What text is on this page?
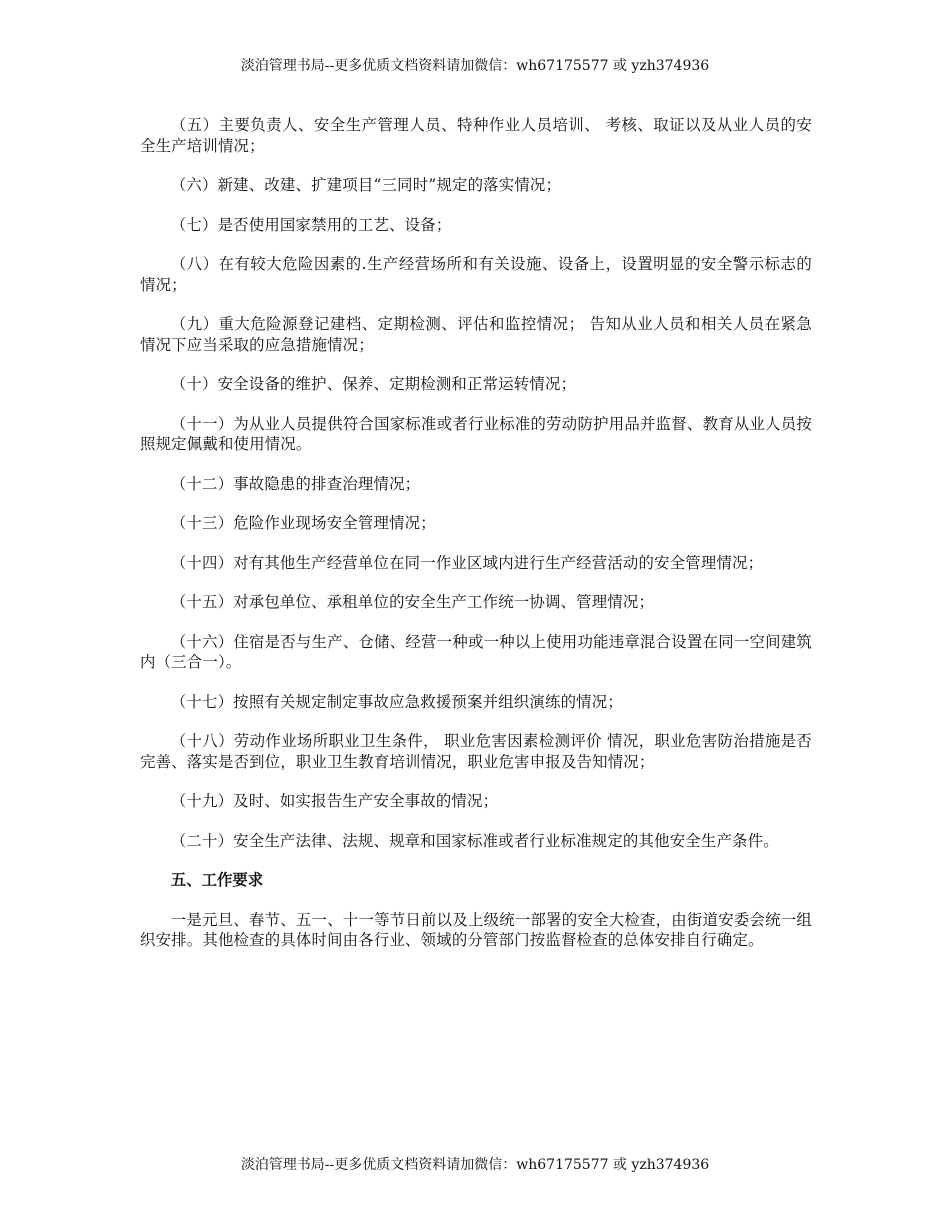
淡泊管理书局--更多优质文档资料请加微信：wh67175577 或 yzh374936

（五）主要负责人、安全生产管理人员、特种作业人员培训、 考核、取证以及从业人员的安全生产培训情况；

（六）新建、改建、扩建项目“三同时”规定的落实情况；

（七）是否使用国家禁用的工艺、设备；

（八）在有较大危险因素的.生产经营场所和有关设施、设备上，设置明显的安全警示标志的情况；

（九）重大危险源登记建档、定期检测、评估和监控情况； 告知从业人员和相关人员在紧急情况下应当采取的应急措施情况；

（十）安全设备的维护、保养、定期检测和正常运转情况；

（十一）为从业人员提供符合国家标准或者行业标准的劳动防护用品并监督、教育从业人员按照规定佩戴和使用情况。

（十二）事故隐患的排查治理情况；

（十三）危险作业现场安全管理情况；

（十四）对有其他生产经营单位在同一作业区域内进行生产经营活动的安全管理情况；

（十五）对承包单位、承租单位的安全生产工作统一协调、管理情况；

（十六）住宿是否与生产、仓储、经营一种或一种以上使用功能违章混合设置在同一空间建筑内（三合一）。

（十七）按照有关规定制定事故应急救援预案并组织演练的情况；

（十八）劳动作业场所职业卫生条件， 职业危害因素检测评价 情况，职业危害防治措施是否完善、落实是否到位，职业卫生教育培训情况，职业危害申报及告知情况；

（十九）及时、如实报告生产安全事故的情况；

（二十）安全生产法律、法规、规章和国家标准或者行业标准规定的其他安全生产条件。

五、工作要求

一是元旦、春节、五一、十一等节日前以及上级统一部署的安全大检查，由街道安委会统一组织安排。其他检查的具体时间由各行业、领域的分管部门按监督检查的总体安排自行确定。

淡泊管理书局--更多优质文档资料请加微信：wh67175577 或 yzh374936
